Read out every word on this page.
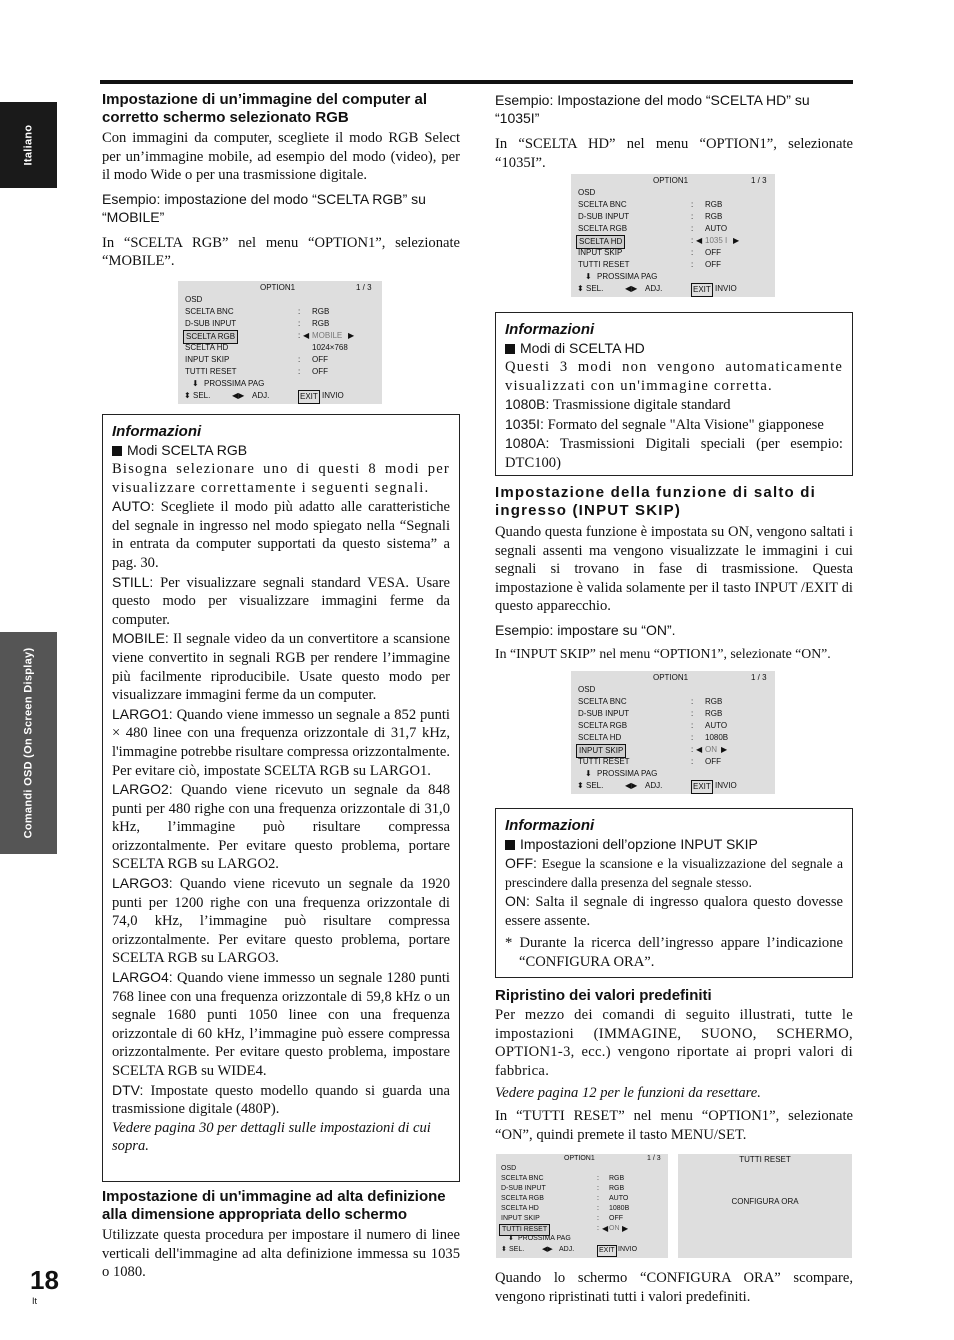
Italiano
Comandi OSD (On Screen Display)
18
It
Impostazione di un’immagine del computer al corretto schermo selezionato RGB

Con immagini da computer, scegliete il modo RGB Select per un’immagine mobile, ad esempio del modo (video), per il modo Wide o per una trasmissione digitale.

Esempio: impostazione del modo “SCELTA RGB” su “MOBILE”

In “SCELTA RGB” nel menu “OPTION1”, selezionate “MOBILE”.

OPTION1	1 / 3
OSD
SCELTA BNC	: RGB
D-SUB INPUT	: RGB
SCELTA RGB	: ◀ MOBILE ▶
SCELTA HD	1024×768
INPUT SKIP	: OFF
TUTTI RESET	: OFF
⬇ PROSSIMA PAG
⬍ SEL.	◀▶ ADJ.	EXIT INVIO
Informazioni
Modi SCELTA RGB

Bisogna selezionare uno di questi 8 modi per visualizzare correttamente i seguenti segnali.

AUTO: Scegliete il modo più adatto alle caratteristiche del segnale in ingresso nel modo spiegato nella “Segnali in entrata da computer supportati da questo sistema” a pag. 30.

STILL: Per visualizzare segnali standard VESA. Usare questo modo per visualizzare immagini ferme da computer.

MOBILE: Il segnale video da un convertitore a scansione viene convertito in segnali RGB per rendere l’immagine più facilmente riproducibile. Usate questo modo per visualizzare immagini ferme da un computer.

LARGO1: Quando viene immesso un segnale a 852 punti × 480 linee con una frequenza orizzontale di 31,7 kHz, l'immagine potrebbe risultare compressa orizzontalmente. Per evitare ciò, impostate SCELTA RGB su LARGO1.

LARGO2: Quando viene ricevuto un segnale da 848 punti per 480 righe con una frequenza orizzontale di 31,0 kHz, l’immagine può risultare compressa orizzontalmente. Per evitare questo problema, portare SCELTA RGB su LARGO2.

LARGO3: Quando viene ricevuto un segnale da 1920 punti per 1200 righe con una frequenza orizzontale di 74,0 kHz, l’immagine può risultare compressa orizzontalmente. Per evitare questo problema, portare SCELTA RGB su LARGO3.

LARGO4: Quando viene immesso un segnale 1280 punti 768 linee con una frequenza orizzontale di 59,8 kHz o un segnale 1680 punti 1050 linee con una frequenza orizzontale di 60 kHz, l’immagine può essere compressa orizzontalmente. Per evitare questo problema, impostare SCELTA RGB su WIDE4.

DTV: Impostate questo modello quando si guarda una trasmissione digitale (480P).

Vedere pagina 30 per dettagli sulle impostazioni di cui sopra.

Impostazione di un'immagine ad alta definizione alla dimensione appropriata dello schermo

Utilizzate questa procedura per impostare il numero di linee verticali dell'immagine ad alta definizione immessa su 1035 o 1080.

Esempio: Impostazione del modo “SCELTA HD” su “1035I”

In “SCELTA HD” nel menu “OPTION1”, selezionate “1035I”.

OPTION1	1 / 3
OSD
SCELTA BNC	: RGB
D-SUB INPUT	: RGB
SCELTA RGB	: AUTO
SCELTA HD	: ◀ 1035 I ▶
INPUT SKIP	: OFF
TUTTI RESET	: OFF
⬇ PROSSIMA PAG
⬍ SEL.	◀▶ ADJ.	EXIT INVIO
Informazioni
Modi di SCELTA HD

Questi 3 modi non vengono automaticamente visualizzati con un'immagine corretta.

1080B: Trasmissione digitale standard

1035I: Formato del segnale "Alta Visione" giapponese

1080A: Trasmissioni Digitali speciali (per esempio: DTC100)

Impostazione della funzione di salto di ingresso (INPUT SKIP)

Quando questa funzione è impostata su ON, vengono saltati i segnali assenti ma vengono visualizzate le immagini i cui segnali si trovano in fase di trasmissione. Questa impostazione è valida solamente per il tasto INPUT /EXIT di questo apparecchio.

Esempio: impostare su “ON”.

In “INPUT SKIP” nel menu “OPTION1”, selezionate “ON”.

OPTION1	1 / 3
OSD
SCELTA BNC	: RGB
D-SUB INPUT	: RGB
SCELTA RGB	: AUTO
SCELTA HD	: 1080B
INPUT SKIP	: ◀ ON ▶
TUTTI RESET	: OFF
⬇ PROSSIMA PAG
⬍ SEL.	◀▶ ADJ.	EXIT INVIO
Informazioni
Impostazioni dell’opzione INPUT SKIP

OFF: Esegue la scansione e la visualizzazione del segnale a prescindere dalla presenza del segnale stesso.

ON: Salta il segnale di ingresso qualora questo dovesse essere assente.

* Durante la ricerca dell’ingresso appare l’indicazione “CONFIGURA ORA”.

Ripristino dei valori predefiniti

Per mezzo dei comandi di seguito illustrati, tutte le impostazioni (IMMAGINE, SUONO, SCHERMO, OPTION1-3, ecc.) vengono riportate ai propri valori di fabbrica.

Vedere pagina 12 per le funzioni da resettare.

In “TUTTI RESET” nel menu “OPTION1”, selezionate “ON”, quindi premete il tasto MENU/SET.

OPTION1	1 / 3
OSD
SCELTA BNC	: RGB
D-SUB INPUT	: RGB
SCELTA RGB	: AUTO
SCELTA HD	: 1080B
INPUT SKIP	: OFF
TUTTI RESET	: ◀ ON ▶
⬇ PROSSIMA PAG
⬍ SEL.	◀▶ ADJ.	EXIT INVIO
TUTTI RESET
CONFIGURA ORA

Quando lo schermo “CONFIGURA ORA” scompare, vengono ripristinati tutti i valori predefiniti.
